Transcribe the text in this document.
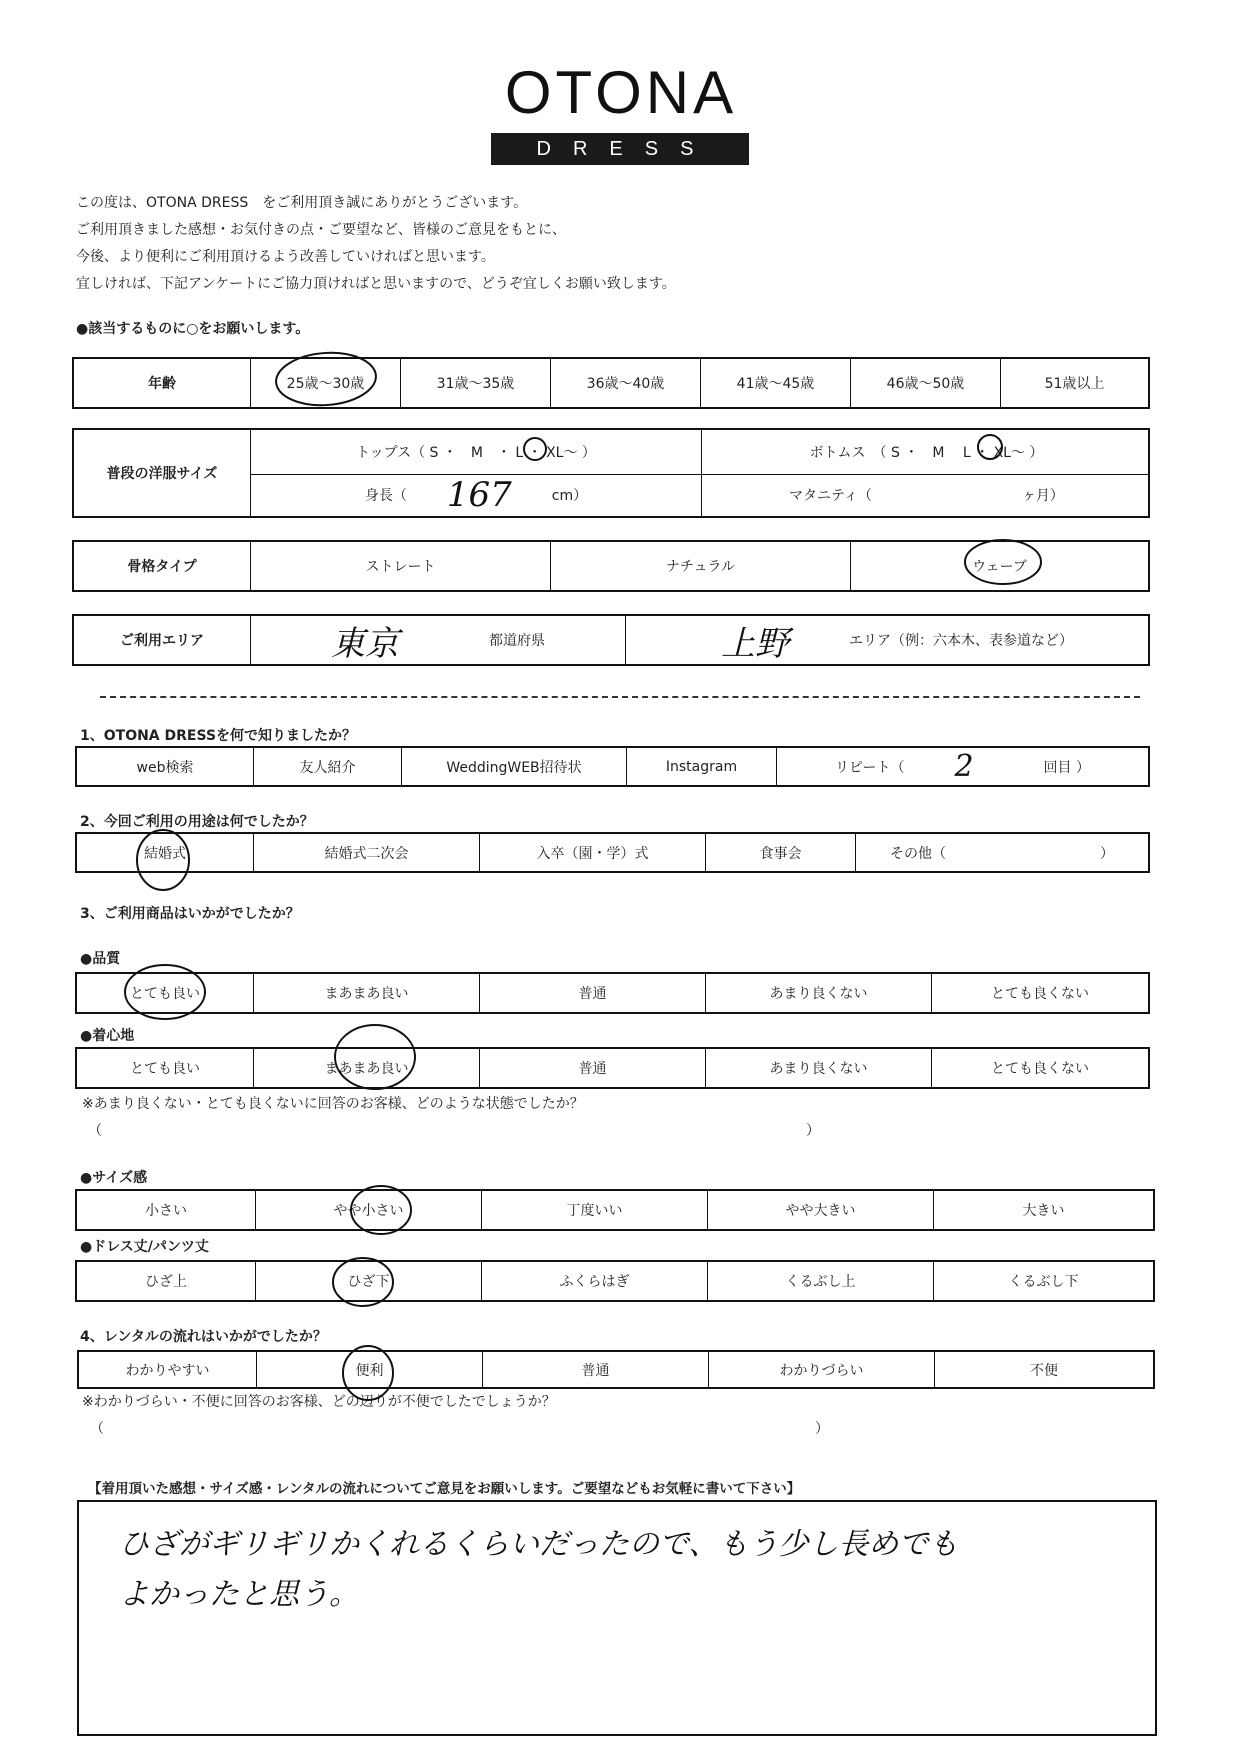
OTONA
DRESS
この度は、OTONA DRESS　をご利用頂き誠にありがとうございます。
ご利用頂きました感想・お気付きの点・ご要望など、皆様のご意見をもとに、
今後、より便利にご利用頂けるよう改善していければと思います。
宜しければ、下記アンケートにご協力頂ければと思いますので、どうぞ宜しくお願い致します。
●該当するものに○をお願いします。
年齢	25歳〜30歳	31歳〜35歳	36歳〜40歳	41歳〜45歳	46歳〜50歳	51歳以上
普段の洋服サイズ
トップス（ S ・　M　・ L ・ XL〜 ）	ボトムス　（ S ・　M　 L ・ XL〜 ）
身長（ 167	cm）	マタニティ（	ヶ月）
骨格タイプ	ストレート	ナチュラル	ウェーブ
ご利用エリア	東京	都道府県	上野	エリア（例：六本木、表参道など）
1、OTONA DRESSを何で知りましたか？
web検索	友人紹介	WeddingWEB招待状	Instagram	リピート（ 2	回目 ）
2、今回ご利用の用途は何でしたか？
結婚式	結婚式二次会	入卒（園・学）式	食事会	その他（　　　　　　　　　　　）
3、ご利用商品はいかがでしたか？
●品質
とても良い	まあまあ良い	普通	あまり良くない	とても良くない
●着心地
とても良い	まあまあ良い	普通	あまり良くない	とても良くない
※あまり良くない・とても良くないに回答のお客様、どのような状態でしたか？
（	）
●サイズ感
小さい	やや小さい	丁度いい	やや大きい	大きい
●ドレス丈/パンツ丈
ひざ上	ひざ下	ふくらはぎ	くるぶし上	くるぶし下
4、レンタルの流れはいかがでしたか？
わかりやすい	便利	普通	わかりづらい	不便
※わかりづらい・不便に回答のお客様、どの辺りが不便でしたでしょうか？
（	）
【着用頂いた感想・サイズ感・レンタルの流れについてご意見をお願いします。ご要望などもお気軽に書いて下さい】
ひざがギリギリかくれるくらいだったので、もう少し長めでも
よかったと思う。
